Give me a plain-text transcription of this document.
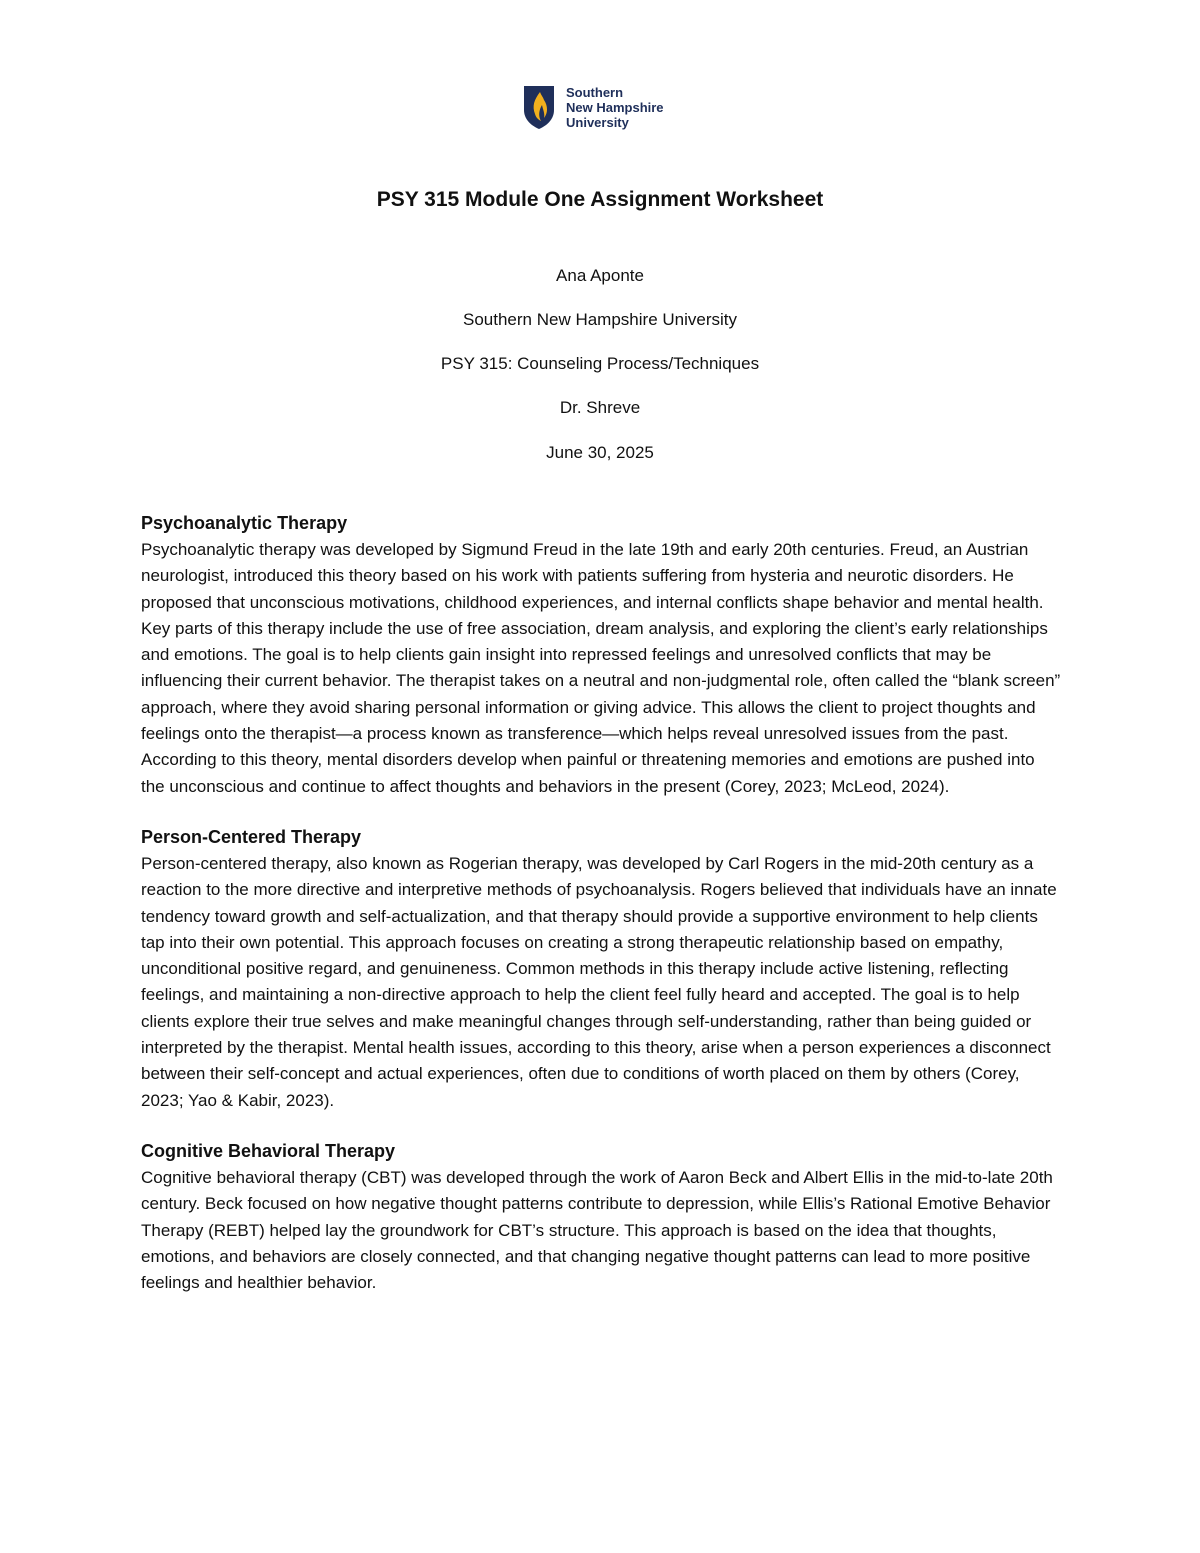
Southern
New Hampshire
University
PSY 315 Module One Assignment Worksheet
Ana Aponte
Southern New Hampshire University
PSY 315: Counseling Process/Techniques
Dr. Shreve
June 30, 2025
Psychoanalytic Therapy

Psychoanalytic therapy was developed by Sigmund Freud in the late 19th and early 20th centuries. Freud, an Austrian neurologist, introduced this theory based on his work with patients suffering from hysteria and neurotic disorders. He proposed that unconscious motivations, childhood experiences, and internal conflicts shape behavior and mental health. Key parts of this therapy include the use of free association, dream analysis, and exploring the client’s early relationships and emotions. The goal is to help clients gain insight into repressed feelings and unresolved conflicts that may be influencing their current behavior. The therapist takes on a neutral and non-judgmental role, often called the “blank screen” approach, where they avoid sharing personal information or giving advice. This allows the client to project thoughts and feelings onto the therapist—a process known as transference—which helps reveal unresolved issues from the past. According to this theory, mental disorders develop when painful or threatening memories and emotions are pushed into the unconscious and continue to affect thoughts and behaviors in the present (Corey, 2023; McLeod, 2024).

Person-Centered Therapy

Person-centered therapy, also known as Rogerian therapy, was developed by Carl Rogers in the mid-20th century as a reaction to the more directive and interpretive methods of psychoanalysis. Rogers believed that individuals have an innate tendency toward growth and self-actualization, and that therapy should provide a supportive environment to help clients tap into their own potential. This approach focuses on creating a strong therapeutic relationship based on empathy, unconditional positive regard, and genuineness. Common methods in this therapy include active listening, reflecting feelings, and maintaining a non-directive approach to help the client feel fully heard and accepted. The goal is to help clients explore their true selves and make meaningful changes through self-understanding, rather than being guided or interpreted by the therapist. Mental health issues, according to this theory, arise when a person experiences a disconnect between their self-concept and actual experiences, often due to conditions of worth placed on them by others (Corey, 2023; Yao & Kabir, 2023).

Cognitive Behavioral Therapy

Cognitive behavioral therapy (CBT) was developed through the work of Aaron Beck and Albert Ellis in the mid-to-late 20th century. Beck focused on how negative thought patterns contribute to depression, while Ellis’s Rational Emotive Behavior Therapy (REBT) helped lay the groundwork for CBT’s structure. This approach is based on the idea that thoughts, emotions, and behaviors are closely connected, and that changing negative thought patterns can lead to more positive feelings and healthier behavior.
